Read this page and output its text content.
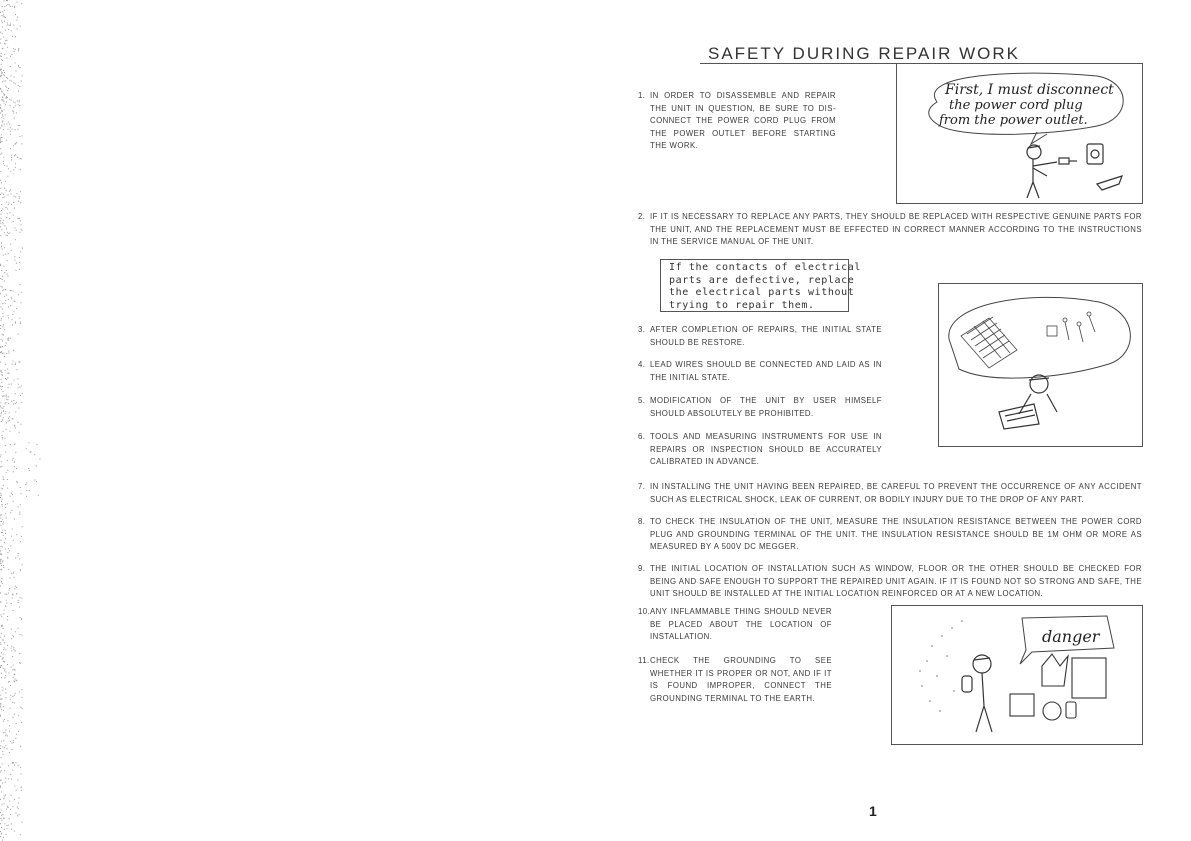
SAFETY DURING REPAIR WORK
First, I must disconnect
the power cord plug
from the power outlet.
1. IN ORDER TO DISASSEMBLE AND REPAIR THE UNIT IN QUESTION, BE SURE TO DIS- CONNECT THE POWER CORD PLUG FROM THE POWER OUTLET BEFORE STARTING THE WORK.
2. IF IT IS NECESSARY TO REPLACE ANY PARTS, THEY SHOULD BE REPLACED WITH RESPECTIVE GENUINE PARTS FOR THE UNIT, AND THE REPLACEMENT MUST BE EFFECTED IN CORRECT MANNER ACCORDING TO THE INSTRUCTIONS IN THE SERVICE MANUAL OF THE UNIT.
If the contacts of electrical
parts are defective, replace
the electrical parts without
trying to repair them.
3. AFTER COMPLETION OF REPAIRS, THE INITIAL STATE SHOULD BE RESTORE.
4. LEAD WIRES SHOULD BE CONNECTED AND LAID AS IN THE INITIAL STATE.
5. MODIFICATION OF THE UNIT BY USER HIMSELF SHOULD ABSOLUTELY BE PROHIBITED.
6. TOOLS AND MEASURING INSTRUMENTS FOR USE IN REPAIRS OR INSPECTION SHOULD BE ACCURATELY CALIBRATED IN ADVANCE.
7. IN INSTALLING THE UNIT HAVING BEEN REPAIRED, BE CAREFUL TO PREVENT THE OCCURRENCE OF ANY ACCIDENT SUCH AS ELECTRICAL SHOCK, LEAK OF CURRENT, OR BODILY INJURY DUE TO THE DROP OF ANY PART.
8. TO CHECK THE INSULATION OF THE UNIT, MEASURE THE INSULATION RESISTANCE BETWEEN THE POWER CORD PLUG AND GROUNDING TERMINAL OF THE UNIT. THE INSULATION RESISTANCE SHOULD BE 1M OHM OR MORE AS MEASURED BY A 500V DC MEGGER.
9. THE INITIAL LOCATION OF INSTALLATION SUCH AS WINDOW, FLOOR OR THE OTHER SHOULD BE CHECKED FOR BEING AND SAFE ENOUGH TO SUPPORT THE REPAIRED UNIT AGAIN. IF IT IS FOUND NOT SO STRONG AND SAFE, THE UNIT SHOULD BE INSTALLED AT THE INITIAL LOCATION REINFORCED OR AT A NEW LOCATION.
10. ANY INFLAMMABLE THING SHOULD NEVER BE PLACED ABOUT THE LOCATION OF INSTALLATION.
11. CHECK THE GROUNDING TO SEE WHETHER IT IS PROPER OR NOT, AND IF IT IS FOUND IMPROPER, CONNECT THE GROUNDING TERMINAL TO THE EARTH.
danger
1
